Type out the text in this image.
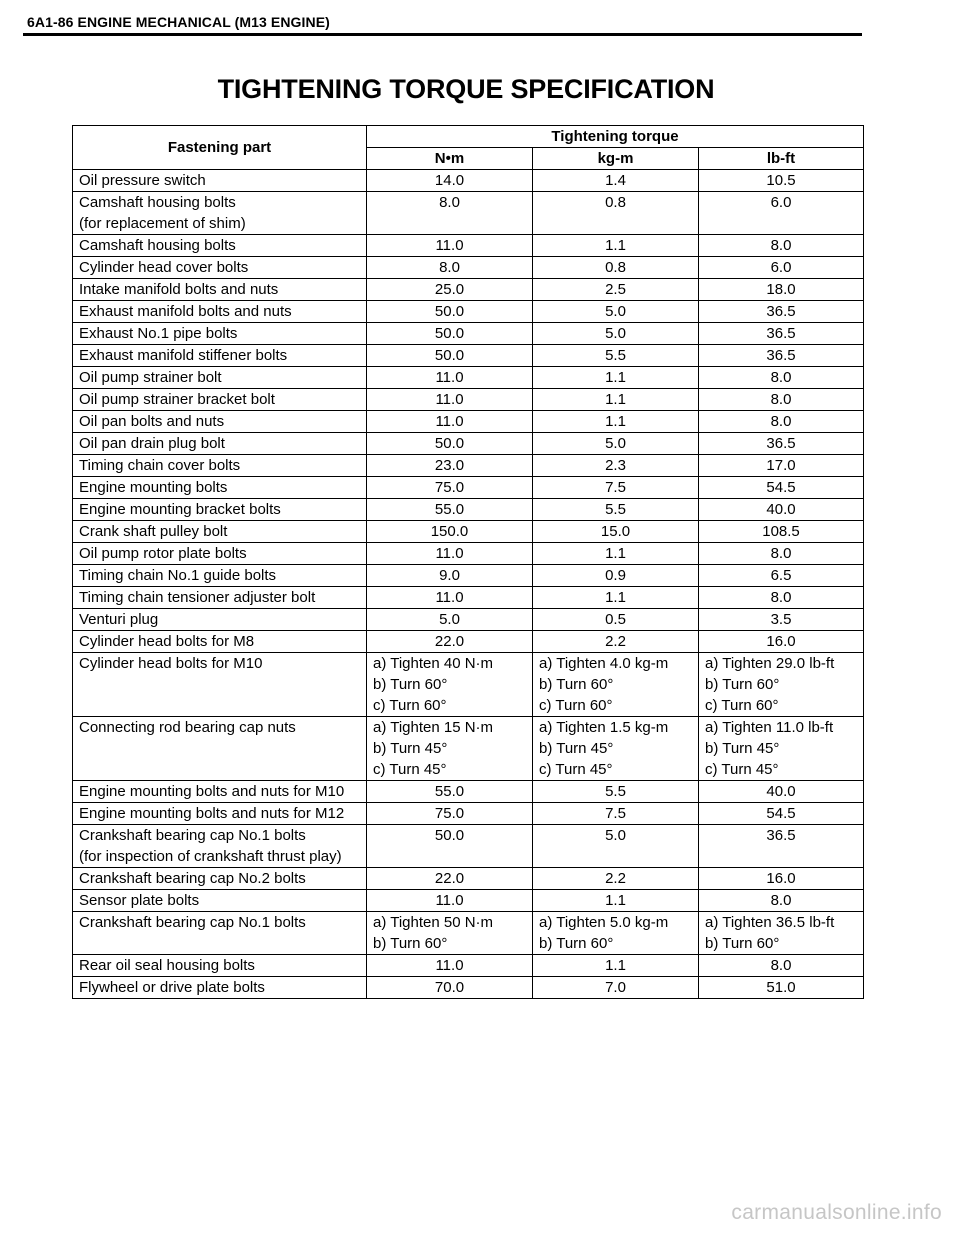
6A1-86 ENGINE MECHANICAL (M13 ENGINE)
TIGHTENING TORQUE SPECIFICATION
Fastening part	Tightening torque		
	N•m	kg-m	lb-ft

Oil pressure switch	14.0	1.4	10.5

Camshaft housing bolts
(for replacement of shim)	8.0	0.8	6.0

Camshaft housing bolts	11.0	1.1	8.0

Cylinder head cover bolts	8.0	0.8	6.0

Intake manifold bolts and nuts	25.0	2.5	18.0

Exhaust manifold bolts and nuts	50.0	5.0	36.5

Exhaust No.1 pipe bolts	50.0	5.0	36.5

Exhaust manifold stiffener bolts	50.0	5.5	36.5

Oil pump strainer bolt	11.0	1.1	8.0

Oil pump strainer bracket bolt	11.0	1.1	8.0

Oil pan bolts and nuts	11.0	1.1	8.0

Oil pan drain plug bolt	50.0	5.0	36.5

Timing chain cover bolts	23.0	2.3	17.0

Engine mounting bolts	75.0	7.5	54.5

Engine mounting bracket bolts	55.0	5.5	40.0

Crank shaft pulley bolt	150.0	15.0	108.5

Oil pump rotor plate bolts	11.0	1.1	8.0

Timing chain No.1 guide bolts	9.0	0.9	6.5

Timing chain tensioner adjuster bolt	11.0	1.1	8.0

Venturi plug	5.0	0.5	3.5

Cylinder head bolts for M8	22.0	2.2	16.0

Cylinder head bolts for M10	a) Tighten 40 N·m
b) Turn 60°
c) Turn 60°	a) Tighten 4.0 kg-m
b) Turn 60°
c) Turn 60°	a) Tighten 29.0 lb-ft
b) Turn 60°
c) Turn 60°

Connecting rod bearing cap nuts	a) Tighten 15 N·m
b) Turn 45°
c) Turn 45°	a) Tighten 1.5 kg-m
b) Turn 45°
c) Turn 45°	a) Tighten 11.0 lb-ft
b) Turn 45°
c) Turn 45°

Engine mounting bolts and nuts for M10	55.0	5.5	40.0

Engine mounting bolts and nuts for M12	75.0	7.5	54.5

Crankshaft bearing cap No.1 bolts
(for inspection of crankshaft thrust play)	50.0	5.0	36.5

Crankshaft bearing cap No.2 bolts	22.0	2.2	16.0

Sensor plate bolts	11.0	1.1	8.0

Crankshaft bearing cap No.1 bolts	a) Tighten 50 N·m
b) Turn 60°	a) Tighten 5.0 kg-m
b) Turn 60°	a) Tighten 36.5 lb-ft
b) Turn 60°

Rear oil seal housing bolts	11.0	1.1	8.0

Flywheel or drive plate bolts	70.0	7.0	51.0
carmanualsonline.info
